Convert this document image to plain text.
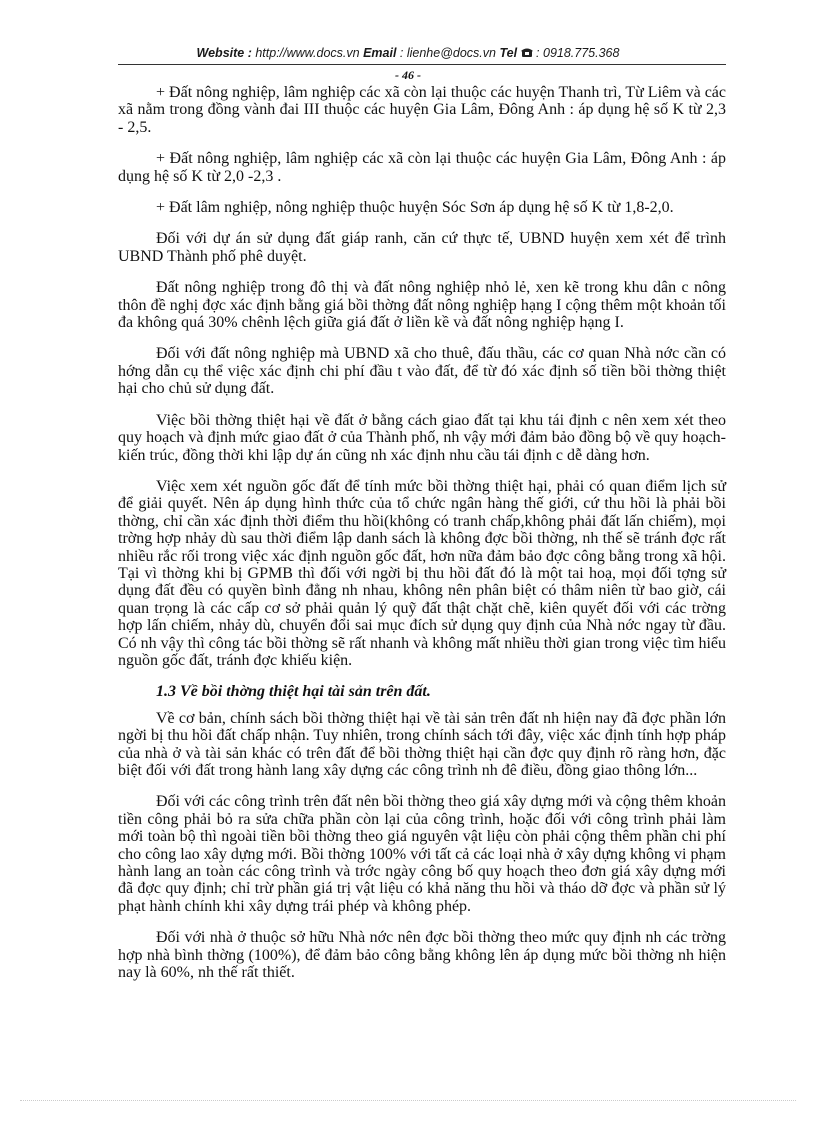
Website : http://www.docs.vn Email : lienhe@docs.vn Tel : 0918.775.368
- 46 -

+ Đất nông nghiệp, lâm nghiệp các xã còn lại thuộc các huyện Thanh trì, Từ Liêm và các xã nằm trong đồng vành đai III thuộc các huyện Gia Lâm, Đông Anh : áp dụng hệ số K từ 2,3 - 2,5.

+ Đất nông nghiệp, lâm nghiệp các xã còn lại thuộc các huyện Gia Lâm, Đông Anh : áp dụng hệ số K từ 2,0 -2,3 .

+ Đất lâm nghiệp, nông nghiệp thuộc huyện Sóc Sơn áp dụng hệ số K từ 1,8-2,0.

Đối với dự án sử dụng đất giáp ranh, căn cứ thực tế, UBND huyện xem xét để trình UBND Thành phố phê duyệt.

Đất nông nghiệp trong đô thị và đất nông nghiệp nhỏ lẻ, xen kẽ trong khu dân c nông thôn đề nghị đợc xác định bằng giá bồi thờng đất nông nghiệp hạng I cộng thêm một khoản tối đa không quá 30% chênh lệch giữa giá đất ở liền kề và đất nông nghiệp hạng I.

Đối với đất nông nghiệp mà UBND xã cho thuê, đấu thầu, các cơ quan Nhà nớc cần có hớng dẫn cụ thể việc xác định chi phí đầu t vào đất, để từ đó xác định số tiền bồi thờng thiệt hại cho chủ sử dụng đất.

Việc bồi thờng thiệt hại về đất ở bằng cách giao đất tại khu tái định c nên xem xét theo quy hoạch và định mức giao đất ở của Thành phố, nh vậy mới đảm bảo đồng bộ về quy hoạch- kiến trúc, đồng thời khi lập dự án cũng nh xác định nhu cầu tái định c dễ dàng hơn.

Việc xem xét nguồn gốc đất để tính mức bồi thờng thiệt hại, phải có quan điểm lịch sử để giải quyết. Nên áp dụng hình thức của tổ chức ngân hàng thế giới, cứ thu hồi là phải bồi thờng, chỉ cần xác định thời điểm thu hồi(không có tranh chấp,không phải đất lấn chiếm), mọi trờng hợp nhảy dù sau thời điểm lập danh sách là không đợc bồi thờng, nh thế sẽ tránh đợc rất nhiều rắc rối trong việc xác định nguồn gốc đất, hơn nữa đảm bảo đợc công bằng trong xã hội. Tại vì thờng khi bị GPMB thì đối với ngời bị thu hồi đất đó là một tai hoạ, mọi đối tợng sử dụng đất đều có quyền bình đẳng nh nhau, không nên phân biệt có thâm niên từ bao giờ, cái quan trọng là các cấp cơ sở phải quản lý quỹ đất thật chặt chẽ, kiên quyết đối với các trờng hợp lấn chiếm, nhảy dù, chuyển đổi sai mục đích sử dụng quy định của Nhà nớc ngay từ đầu. Có nh vậy thì công tác bồi thờng sẽ rất nhanh và không mất nhiều thời gian trong việc tìm hiểu nguồn gốc đất, tránh đợc khiếu kiện.

1.3 Về bồi thờng thiệt hại tài sản trên đất.

Về cơ bản, chính sách bồi thờng thiệt hại về tài sản trên đất nh hiện nay đã đợc phần lớn ngời bị thu hồi đất chấp nhận. Tuy nhiên, trong chính sách tới đây, việc xác định tính hợp pháp của nhà ở và tài sản khác có trên đất để bồi thờng thiệt hại cần đợc quy định rõ ràng hơn, đặc biệt đối với đất trong hành lang xây dựng các công trình nh đê điều, đồng giao thông lớn...

Đối với các công trình trên đất nên bồi thờng theo giá xây dựng mới và cộng thêm khoản tiền công phải bỏ ra sửa chữa phần còn lại của công trình, hoặc đối với công trình phải làm mới toàn bộ thì ngoài tiền bồi thờng theo giá nguyên vật liệu còn phải cộng thêm phần chi phí cho công lao xây dựng mới. Bồi thờng 100% với tất cả các loại nhà ở xây dựng không vi phạm hành lang an toàn các công trình và trớc ngày công bố quy hoạch theo đơn giá xây dựng mới đã đợc quy định; chỉ trừ phần giá trị vật liệu có khả năng thu hồi và tháo dỡ đợc và phần sử lý phạt hành chính khi xây dựng trái phép và không phép.

Đối với nhà ở thuộc sở hữu Nhà nớc nên đợc bồi thờng theo mức quy định nh các trờng hợp nhà bình thờng (100%), để đảm bảo công bằng không lên áp dụng mức bồi thờng nh hiện nay là 60%, nh thế rất thiết.
